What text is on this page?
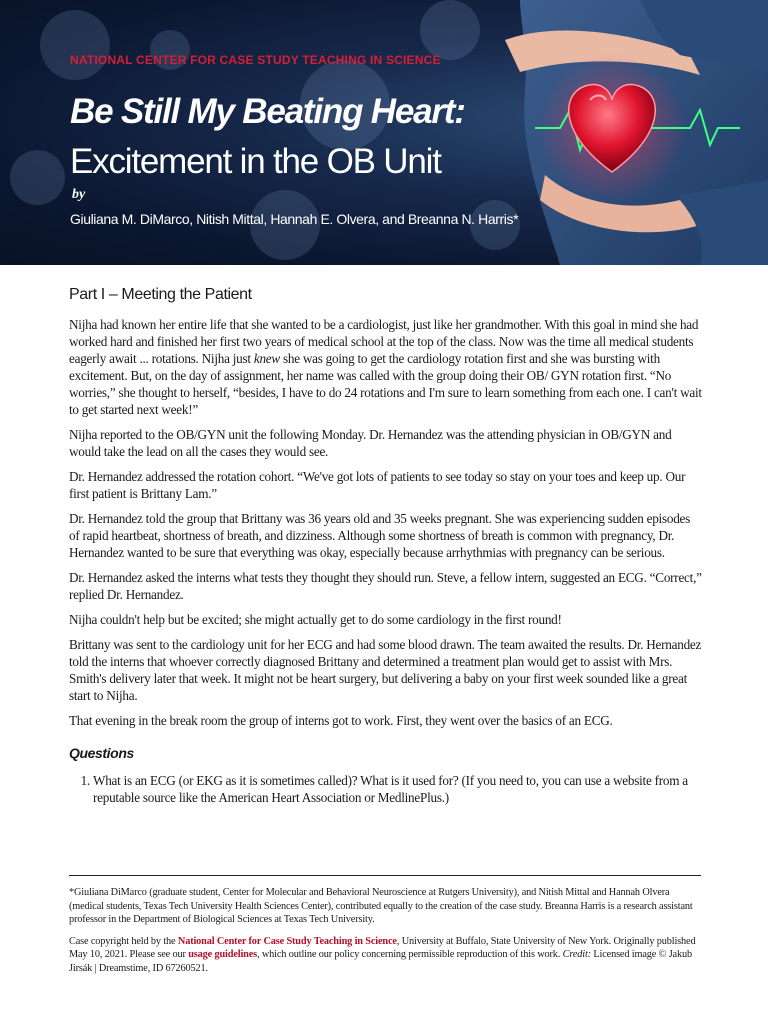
NATIONAL CENTER FOR CASE STUDY TEACHING IN SCIENCE
Be Still My Beating Heart:
Excitement in the OB Unit
by
Giuliana M. DiMarco, Nitish Mittal, Hannah E. Olvera, and Breanna N. Harris*
Part I – Meeting the Patient

Nijha had known her entire life that she wanted to be a cardiologist, just like her grandmother. With this goal in mind she had worked hard and finished her first two years of medical school at the top of the class. Now was the time all medical students eagerly await ... rotations. Nijha just knew she was going to get the cardiology rotation first and she was bursting with excitement. But, on the day of assignment, her name was called with the group doing their OB/ GYN rotation first. “No worries,” she thought to herself, “besides, I have to do 24 rotations and I'm sure to learn something from each one. I can't wait to get started next week!”

Nijha reported to the OB/GYN unit the following Monday. Dr. Hernandez was the attending physician in OB/GYN and would take the lead on all the cases they would see.

Dr. Hernandez addressed the rotation cohort. “We've got lots of patients to see today so stay on your toes and keep up. Our first patient is Brittany Lam.”

Dr. Hernandez told the group that Brittany was 36 years old and 35 weeks pregnant. She was experiencing sudden episodes of rapid heartbeat, shortness of breath, and dizziness. Although some shortness of breath is common with pregnancy, Dr. Hernandez wanted to be sure that everything was okay, especially because arrhythmias with pregnancy can be serious.

Dr. Hernandez asked the interns what tests they thought they should run. Steve, a fellow intern, suggested an ECG. “Correct,” replied Dr. Hernandez.

Nijha couldn't help but be excited; she might actually get to do some cardiology in the first round!

Brittany was sent to the cardiology unit for her ECG and had some blood drawn. The team awaited the results. Dr. Hernandez told the interns that whoever correctly diagnosed Brittany and determined a treatment plan would get to assist with Mrs. Smith's delivery later that week. It might not be heart surgery, but delivering a baby on your first week sounded like a great start to Nijha.

That evening in the break room the group of interns got to work. First, they went over the basics of an ECG.

Questions
1. What is an ECG (or EKG as it is sometimes called)? What is it used for? (If you need to, you can use a website from a reputable source like the American Heart Association or MedlinePlus.)

*Giuliana DiMarco (graduate student, Center for Molecular and Behavioral Neuroscience at Rutgers University), and Nitish Mittal and Hannah Olvera (medical students, Texas Tech University Health Sciences Center), contributed equally to the creation of the case study. Breanna Harris is a research assistant professor in the Department of Biological Sciences at Texas Tech University.

Case copyright held by the National Center for Case Study Teaching in Science, University at Buffalo, State University of New York. Originally published May 10, 2021. Please see our usage guidelines, which outline our policy concerning permissible reproduction of this work. Credit: Licensed image © Jakub Jirsák | Dreamstime, ID 67260521.
